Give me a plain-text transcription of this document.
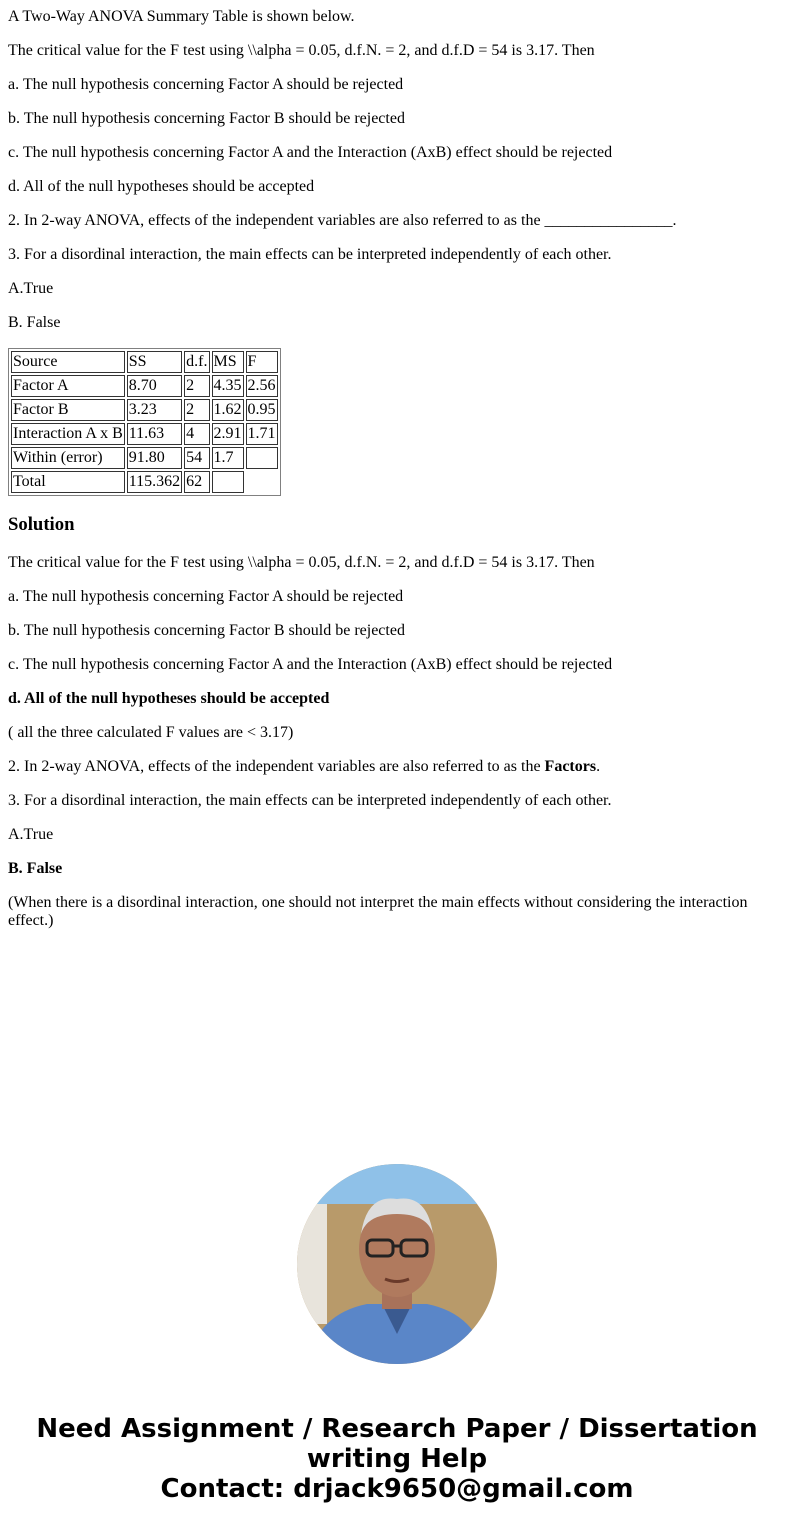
A Two-Way ANOVA Summary Table is shown below.

The critical value for the F test using \\alpha = 0.05, d.f.N. = 2, and d.f.D = 54 is 3.17. Then

a. The null hypothesis concerning Factor A should be rejected

b. The null hypothesis concerning Factor B should be rejected

c. The null hypothesis concerning Factor A and the Interaction (AxB) effect should be rejected

d. All of the null hypotheses should be accepted

2. In 2-way ANOVA, effects of the independent variables are also referred to as the ________________.

3. For a disordinal interaction, the main effects can be interpreted independently of each other.

A.True

B. False

Source	SS	d.f.	MS	F
Factor A	8.70	2	4.35	2.56
Factor B	3.23	2	1.62	0.95
Interaction A x B	11.63	4	2.91	1.71
Within (error)	91.80	54	1.7	
Total	115.362	62		
Solution

The critical value for the F test using \\alpha = 0.05, d.f.N. = 2, and d.f.D = 54 is 3.17. Then

a. The null hypothesis concerning Factor A should be rejected

b. The null hypothesis concerning Factor B should be rejected

c. The null hypothesis concerning Factor A and the Interaction (AxB) effect should be rejected

d. All of the null hypotheses should be accepted

( all the three calculated F values are < 3.17)

2. In 2-way ANOVA, effects of the independent variables are also referred to as the Factors.

3. For a disordinal interaction, the main effects can be interpreted independently of each other.

A.True

B. False

(When there is a disordinal interaction, one should not interpret the main effects without considering the interaction effect.)

Need Assignment / Research Paper / Dissertation writing Help
Contact: drjack9650@gmail.com
